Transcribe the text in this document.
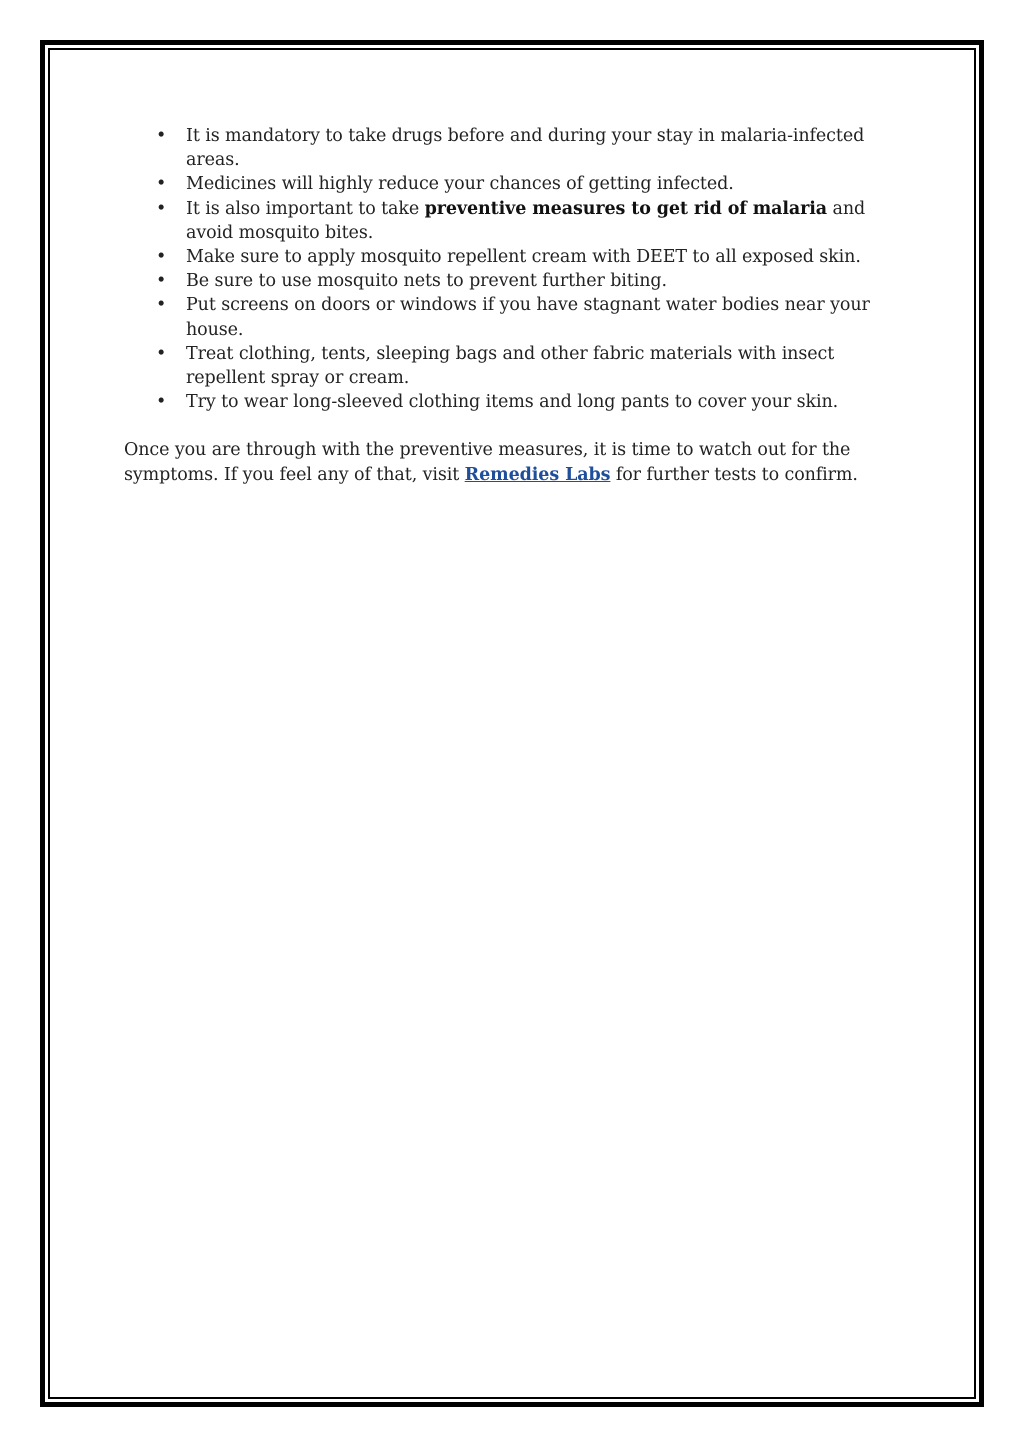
• It is mandatory to take drugs before and during your stay in malaria-infected areas.
• Medicines will highly reduce your chances of getting infected.
• It is also important to take preventive measures to get rid of malaria and avoid mosquito bites.
• Make sure to apply mosquito repellent cream with DEET to all exposed skin.
• Be sure to use mosquito nets to prevent further biting.
• Put screens on doors or windows if you have stagnant water bodies near your house.
• Treat clothing, tents, sleeping bags and other fabric materials with insect repellent spray or cream.
• Try to wear long-sleeved clothing items and long pants to cover your skin.

Once you are through with the preventive measures, it is time to watch out for the symptoms. If you feel any of that, visit Remedies Labs for further tests to confirm.
